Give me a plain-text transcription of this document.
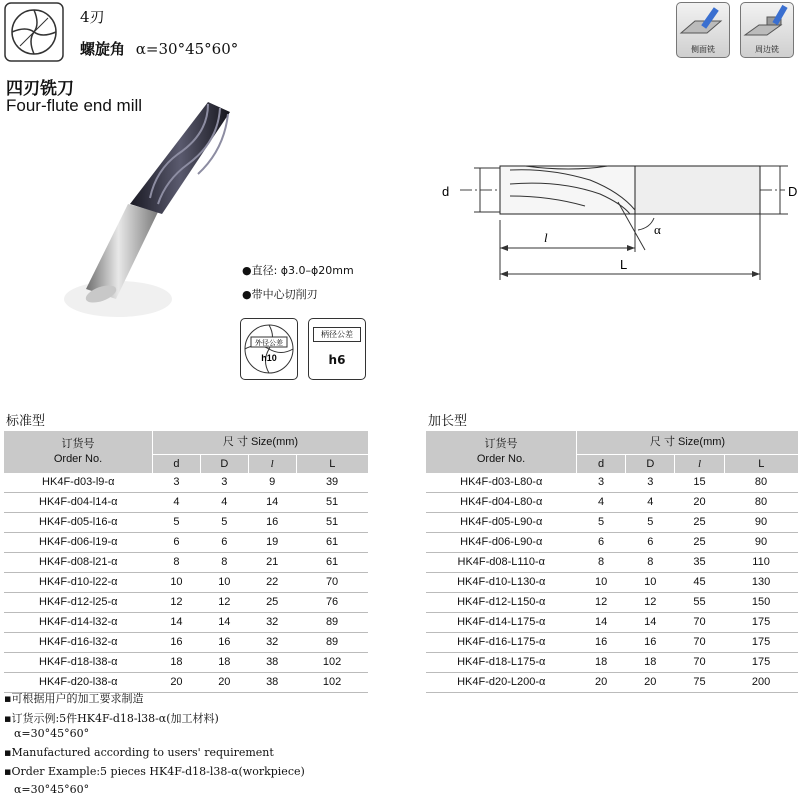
4刃
螺旋角 α=30°45°60°	侧面铣	周边铣
四刃铣刀
Four-flute end mill
d	D
l
L
α
●直径: ϕ3.0–ϕ20mm
●带中心切削刃
外径公差
h10
柄径公差
h6
标准型	加长型
订货号
Order No.	尺 寸 Size(mm)			
	d	D	l	L
HK4F-d03-l9-α	3	3	9	39
HK4F-d04-l14-α	4	4	14	51
HK4F-d05-l16-α	5	5	16	51
HK4F-d06-l19-α	6	6	19	61
HK4F-d08-l21-α	8	8	21	61
HK4F-d10-l22-α	10	10	22	70
HK4F-d12-l25-α	12	12	25	76
HK4F-d14-l32-α	14	14	32	89
HK4F-d16-l32-α	16	16	32	89
HK4F-d18-l38-α	18	18	38	102
HK4F-d20-l38-α	20	20	38	102
订货号
Order No.	尺 寸 Size(mm)			
	d	D	l	L
HK4F-d03-L80-α	3	3	15	80
HK4F-d04-L80-α	4	4	20	80
HK4F-d05-L90-α	5	5	25	90
HK4F-d06-L90-α	6	6	25	90
HK4F-d08-L110-α	8	8	35	110
HK4F-d10-L130-α	10	10	45	130
HK4F-d12-L150-α	12	12	55	150
HK4F-d14-L175-α	14	14	70	175
HK4F-d16-L175-α	16	16	70	175
HK4F-d18-L175-α	18	18	70	175
HK4F-d20-L200-α	20	20	75	200
▪可根据用户的加工要求制造
▪订货示例:5件HK4F-d18-l38-α(加工材料)
α=30°45°60°
▪Manufactured according to users' requirement
▪Order Example:5 pieces HK4F-d18-l38-α(workpiece)
α=30°45°60°
